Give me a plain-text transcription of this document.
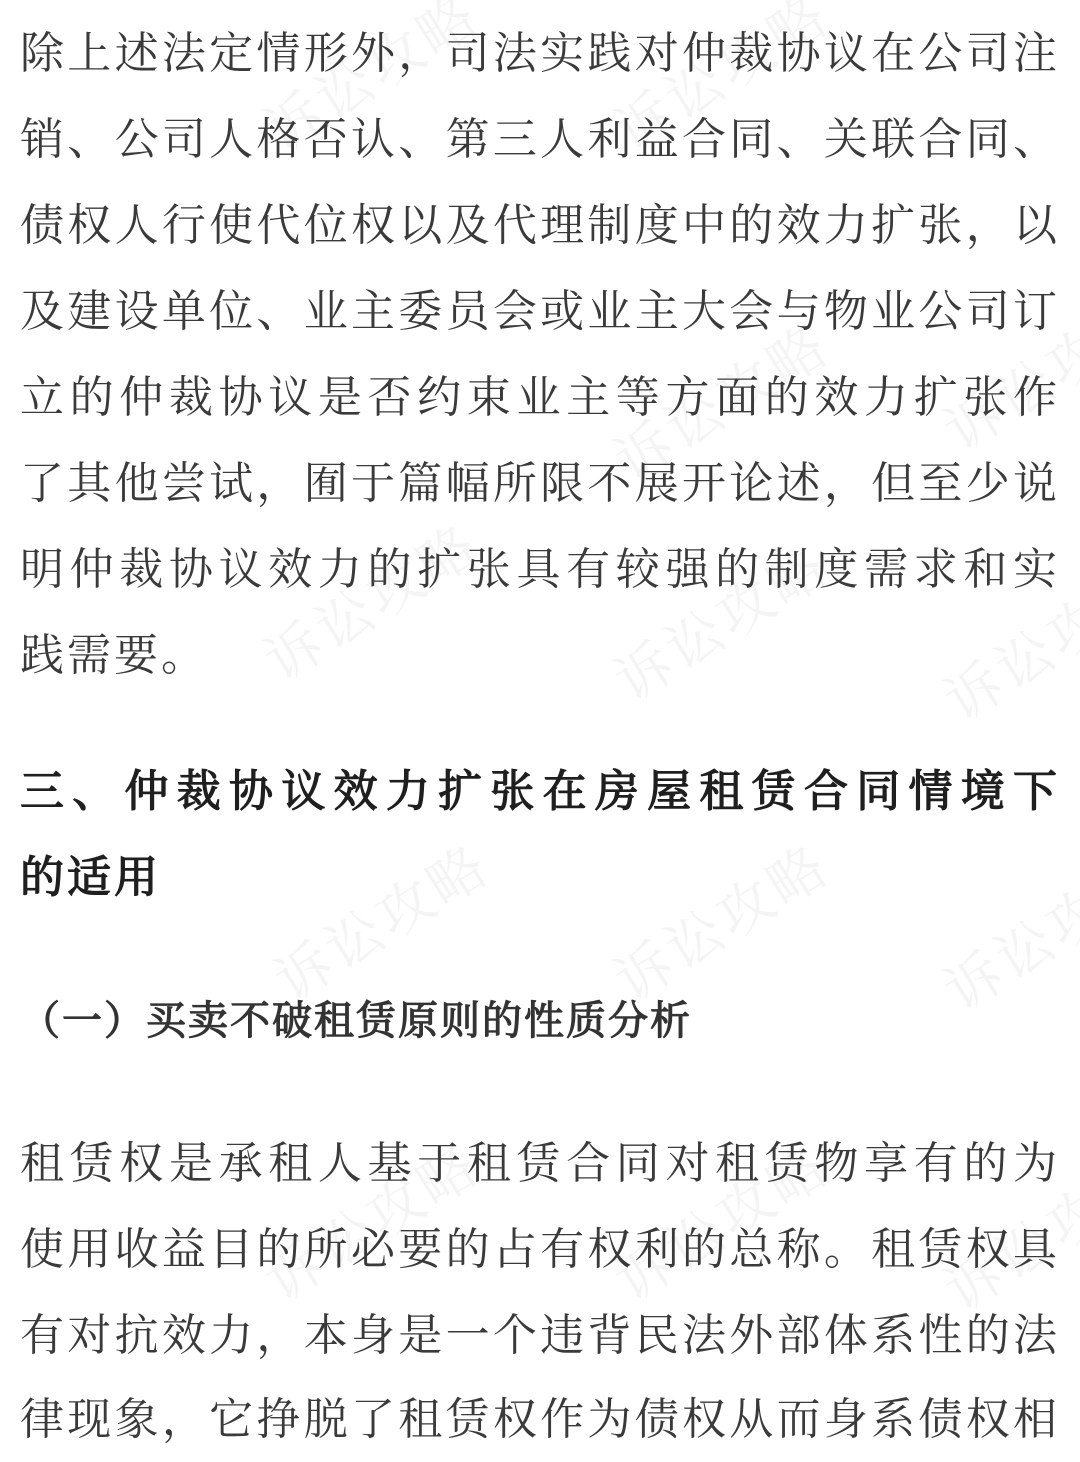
除上述法定情形外，司法实践对仲裁协议在公司注
销、公司人格否认、第三人利益合同、关联合同、
债权人行使代位权以及代理制度中的效力扩张，以
及建设单位、业主委员会或业主大会与物业公司订
立的仲裁协议是否约束业主等方面的效力扩张作
了其他尝试，囿于篇幅所限不展开论述，但至少说
明仲裁协议效力的扩张具有较强的制度需求和实
践需要。
三、仲裁协议效力扩张在房屋租赁合同情境下
的适用
（一）买卖不破租赁原则的性质分析
租赁权是承租人基于租赁合同对租赁物享有的为
使用收益目的所必要的占有权利的总称。租赁权具
有对抗效力，本身是一个违背民法外部体系性的法
律现象，它挣脱了租赁权作为债权从而身系债权相
